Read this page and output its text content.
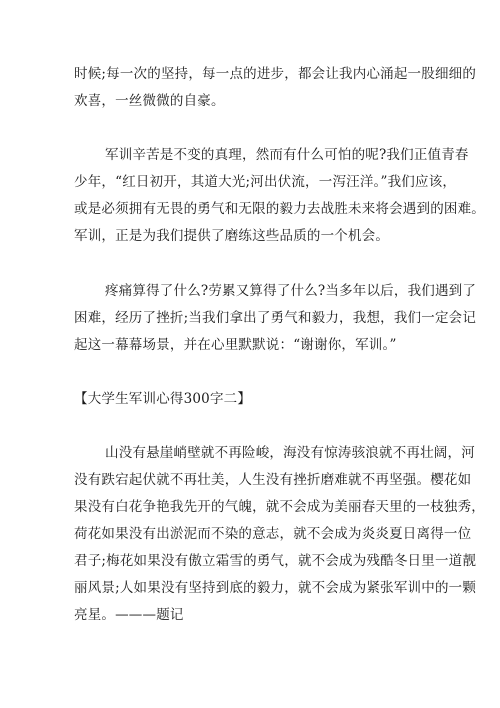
时候;每一次的坚持，每一点的进步，都会让我内心涌起一股细细的
欢喜，一丝微微的自豪。
军训辛苦是不变的真理，然而有什么可怕的呢?我们正值青春
少年，“红日初开，其道大光;河出伏流，一泻汪洋。”我们应该，
或是必须拥有无畏的勇气和无限的毅力去战胜未来将会遇到的困难。
军训，正是为我们提供了磨练这些品质的一个机会。
疼痛算得了什么?劳累又算得了什么?当多年以后，我们遇到了
困难，经历了挫折;当我们拿出了勇气和毅力，我想，我们一定会记
起这一幕幕场景，并在心里默默说：“谢谢你，军训。”
【大学生军训心得300字二】
山没有悬崖峭壁就不再险峻，海没有惊涛骇浪就不再壮阔，河
没有跌宕起伏就不再壮美，人生没有挫折磨难就不再坚强。樱花如
果没有白花争艳我先开的气魄，就不会成为美丽春天里的一枝独秀，
荷花如果没有出淤泥而不染的意志，就不会成为炎炎夏日离得一位
君子;梅花如果没有傲立霜雪的勇气，就不会成为残酷冬日里一道靓
丽风景;人如果没有坚持到底的毅力，就不会成为紧张军训中的一颗
亮星。———题记
